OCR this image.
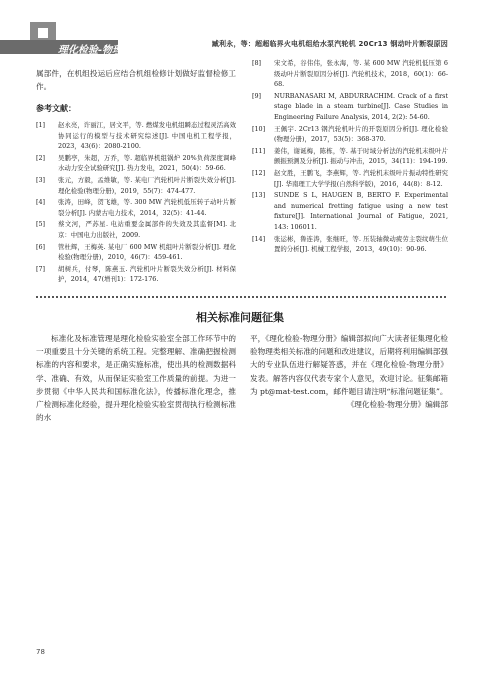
理化检验-物理分册
臧利永，等：超超临界火电机组给水泵汽轮机 20Cr13 钢动叶片断裂原因

属部件，在机组投运后应结合机组检修计划做好监督检修工作。

参考文献：

[1] 赵永亮，许丽江，居文平，等. 燃煤发电机组瞬态过程灵活高效协同运行的模型与技术研究综述[J]. 中国电机工程学报，2023，43(6)：2080-2100.

[2] 吴鹏亭，朱超，万乔，等. 超临界机组锅炉 20%负荷深度调峰水动力安全试验研究[J]. 热力发电，2021，50(4)：59-66.

[3] 张元，方毅，孟维敏，等. 某电厂汽轮机叶片断裂失效分析[J]. 理化检验(物理分册)，2019，55(7)：474-477.

[4] 张涛，田峰，贺飞雄，等. 300 MW 汽轮机低压转子动叶片断裂分析[J]. 内蒙古电力技术，2014，32(5)：41-44.

[5] 蔡文河，严苏星. 电站重要金属部件的失效及其监督[M]. 北京：中国电力出版社，2009.

[6] 管杜辉，王梅英. 某电厂 600 MW 机组叶片断裂分析[J]. 理化检验(物理分册)，2010，46(7)：459-461.

[7] 胡树兵，付琴，陈燕玉. 汽轮机叶片断裂失效分析[J]. 材料保护，2014，47(增刊1)：172-176.

[8] 宋文希，谷伟伟，张永海，等. 某 600 MW 汽轮机低压第 6 级动叶片断裂原因分析[J]. 汽轮机技术，2018，60(1)：66-68.

[9] NURBANASARI M, ABDURRACHIM. Crack of a first stage blade in a steam turbine[J]. Case Studies in Engineering Failure Analysis, 2014, 2(2): 54-60.

[10] 王佩宇. 2Cr13 钢汽轮机叶片的开裂原因分析[J]. 理化检验(物理分册)，2017，53(5)：368-370.

[11] 姜伟，谢诞梅，陈栋，等. 基于时域分析法的汽轮机末级叶片颤振预测及分析[J]. 振动与冲击，2015，34(11)：194-199.

[12] 赵文胜，王鹏飞，李燕辉，等. 汽轮机末级叶片振动特性研究[J]. 华南理工大学学报(自然科学版)，2016，44(8)：8-12.

[13] SUNDE S L, HAUGEN B, BERTO F. Experimental and numerical fretting fatigue using a new test fixture[J]. International Journal of Fatigue, 2021, 143: 106011.

[14] 张运彬，鲁连涛，张继旺，等. 压装轴微动疲劳主裂纹萌生位置的分析[J]. 机械工程学报，2013，49(10)：90-96.

相关标准问题征集

标准化及标准管理是理化检验实验室全部工作环节中的一项重要且十分关键的系统工程。完整理解、准确把握检测标准的内容和要求，是正确实施标准，使出具的检测数据科学、准确、有效，从而保证实验室工作质量的前提。为进一步贯彻《中华人民共和国标准化法》，传播标准化理念，推广检测标准化经验，提升理化检验实验室贯彻执行检测标准的水

平，《理化检验-物理分册》编辑部拟向广大读者征集理化检验物理类相关标准的问题和改进建议，后期将利用编辑部强大的专业队伍进行解疑答惑，并在《理化检验-物理分册》发表。解答内容仅代表专家个人意见，欢迎讨论。征集邮箱为 pt@mat-test.com，邮件题目请注明“标准问题征集”。

《理化检验-物理分册》编辑部

78
